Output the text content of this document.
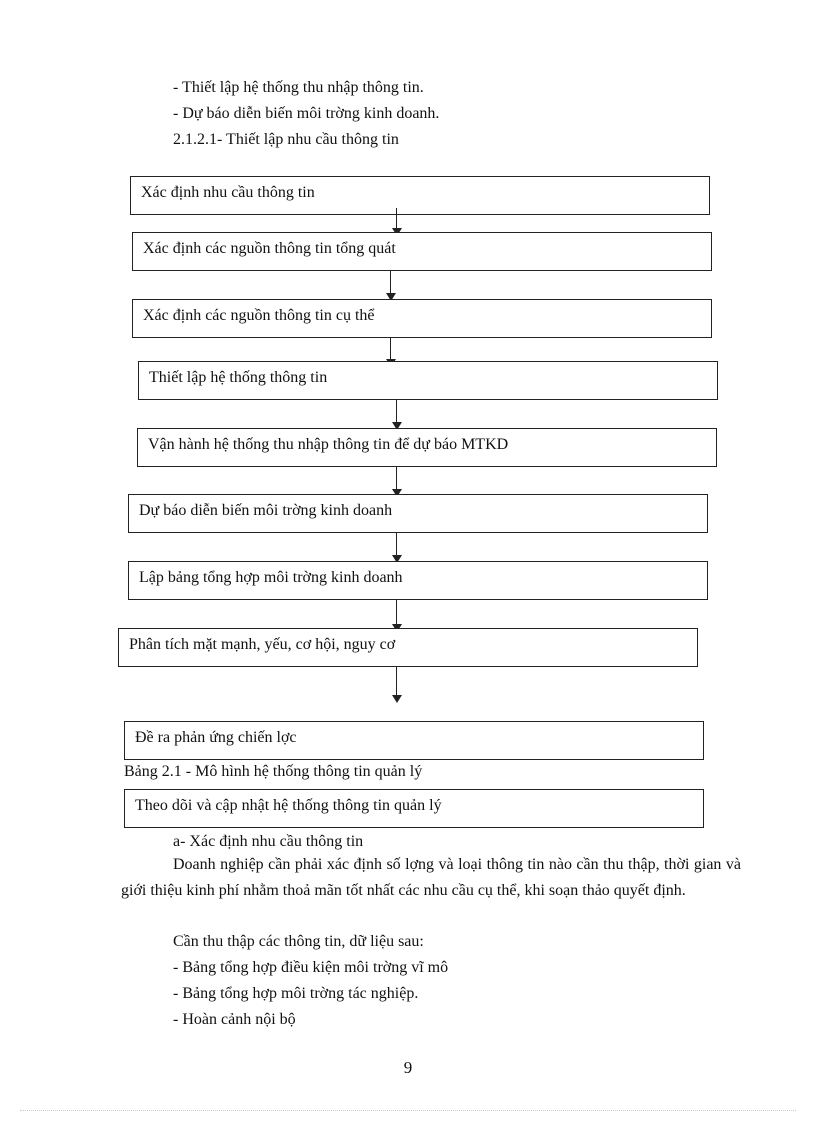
- Thiết lập hệ thống thu nhập thông tin.
- Dự báo diễn biến môi trờng kinh doanh.
2.1.2.1- Thiết lập nhu cầu thông tin
Xác định nhu cầu thông tin
Xác định các nguồn thông tin tổng quát
Xác định các nguồn thông tin cụ thể
Thiết lập hệ thống thông tin
Vận hành hệ thống thu nhập thông tin để dự báo MTKD
Dự báo diễn biến môi trờng kinh doanh
Lập bảng tổng hợp môi trờng kinh doanh
Phân tích mặt mạnh, yếu, cơ hội, nguy cơ
Đề ra phản ứng chiến lợc
Bảng 2.1 - Mô hình hệ thống thông tin quản lý
Theo dõi và cập nhật hệ thống thông tin quản lý
a- Xác định nhu cầu thông tin
Doanh nghiệp cần phải xác định số lợng và loại thông tin nào cần thu thập, thời gian và giới thiệu kinh phí nhằm thoả mãn tốt nhất các nhu cầu cụ thể, khi soạn thảo quyết định.
Cần thu thập các thông tin, dữ liệu sau:
- Bảng tổng hợp điều kiện môi trờng vĩ mô
- Bảng tổng hợp môi trờng tác nghiệp.
- Hoàn cảnh nội bộ
9
